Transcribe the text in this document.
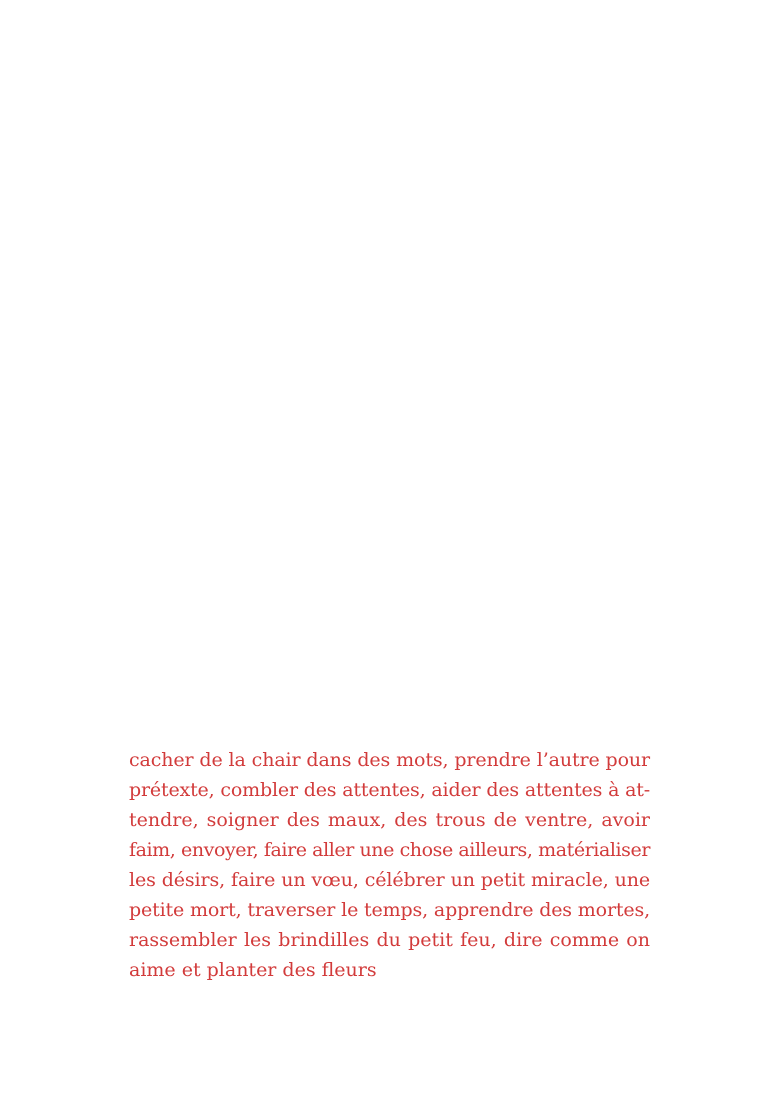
cacher de la chair dans des mots, prendre l’autre pour
prétexte, combler des attentes, aider des attentes à at-
tendre, soigner des maux, des trous de ventre, avoir
faim, envoyer, faire aller une chose ailleurs, matérialiser
les désirs, faire un vœu, célébrer un petit miracle, une
petite mort, traverser le temps, apprendre des mortes,
rassembler les brindilles du petit feu, dire comme on
aime et planter des fleurs
